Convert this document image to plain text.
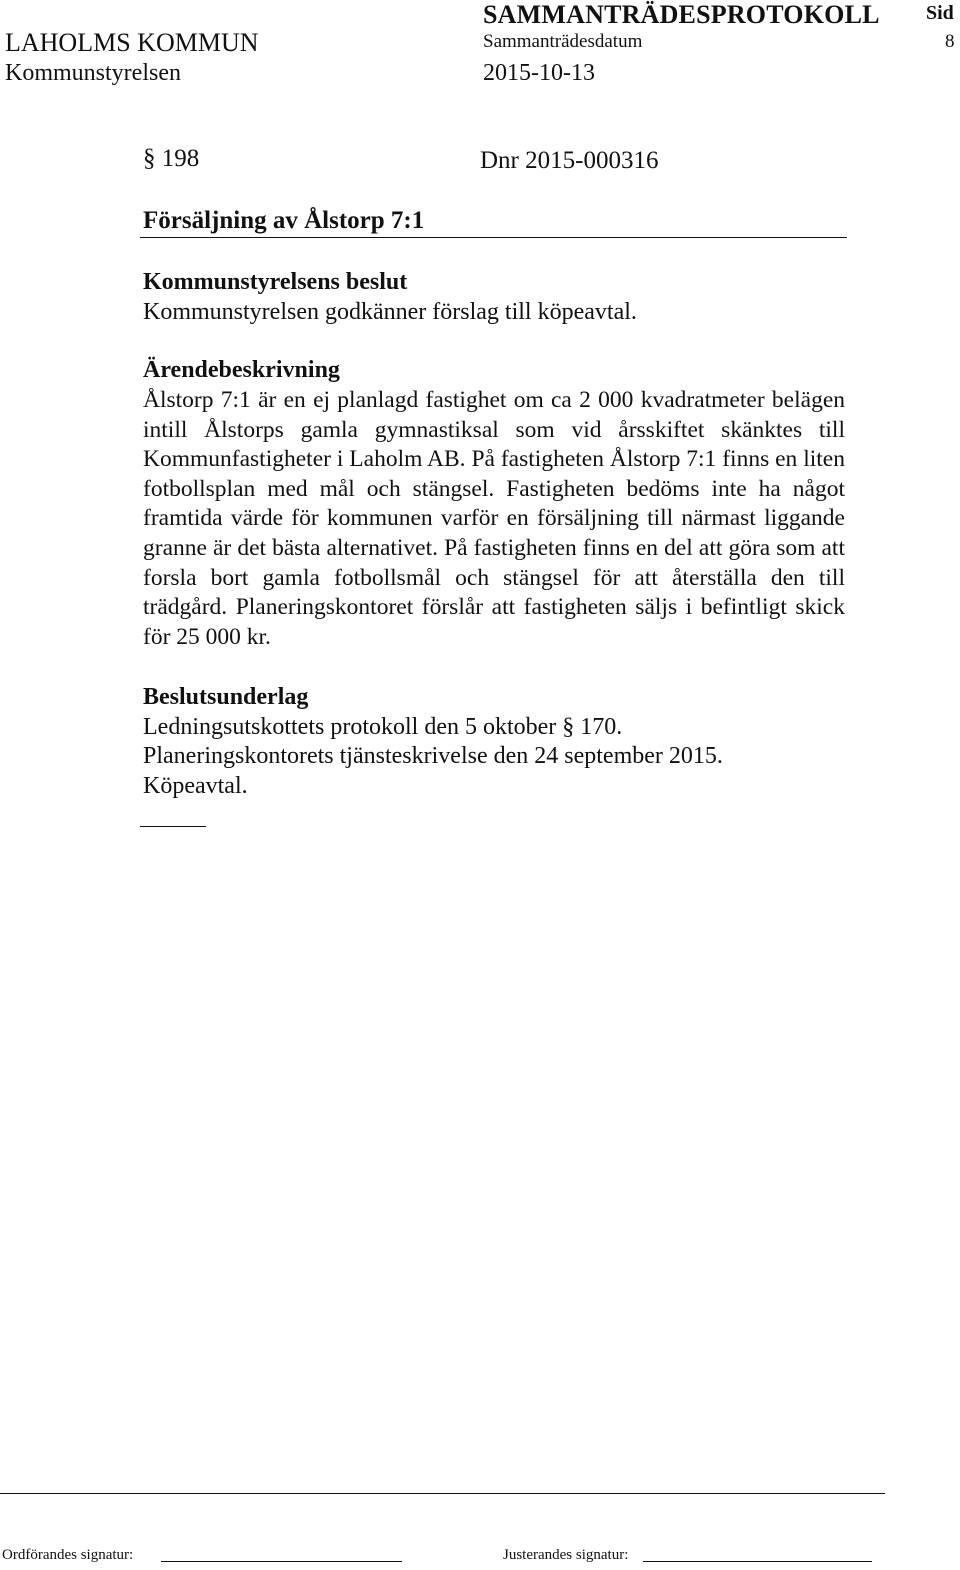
LAHOLMS KOMMUN
Kommunstyrelsen
SAMMANTRÄDESPROTOKOLL
Sammanträdesdatum
2015-10-13
Sid
8
§ 198	Dnr 2015-000316
Försäljning av Ålstorp 7:1
Kommunstyrelsens beslut
Kommunstyrelsen godkänner förslag till köpeavtal.
Ärendebeskrivning
Ålstorp 7:1 är en ej planlagd fastighet om ca 2 000 kvadratmeter belägen intill Ålstorps gamla gymnastiksal som vid årsskiftet skänktes till Kommunfastigheter i Laholm AB. På fastigheten Ålstorp 7:1 finns en liten fotbollsplan med mål och stängsel. Fastigheten bedöms inte ha något framtida värde för kommunen varför en försäljning till närmast liggande granne är det bästa alternativet. På fastigheten finns en del att göra som att forsla bort gamla fotbollsmål och stängsel för att återställa den till trädgård. Planeringskontoret förslår att fastigheten säljs i befintligt skick för 25 000 kr.
Beslutsunderlag
Ledningsutskottets protokoll den 5 oktober § 170.
Planeringskontorets tjänsteskrivelse den 24 september 2015.
Köpeavtal.
Ordförandes signatur:	Justerandes signatur:
